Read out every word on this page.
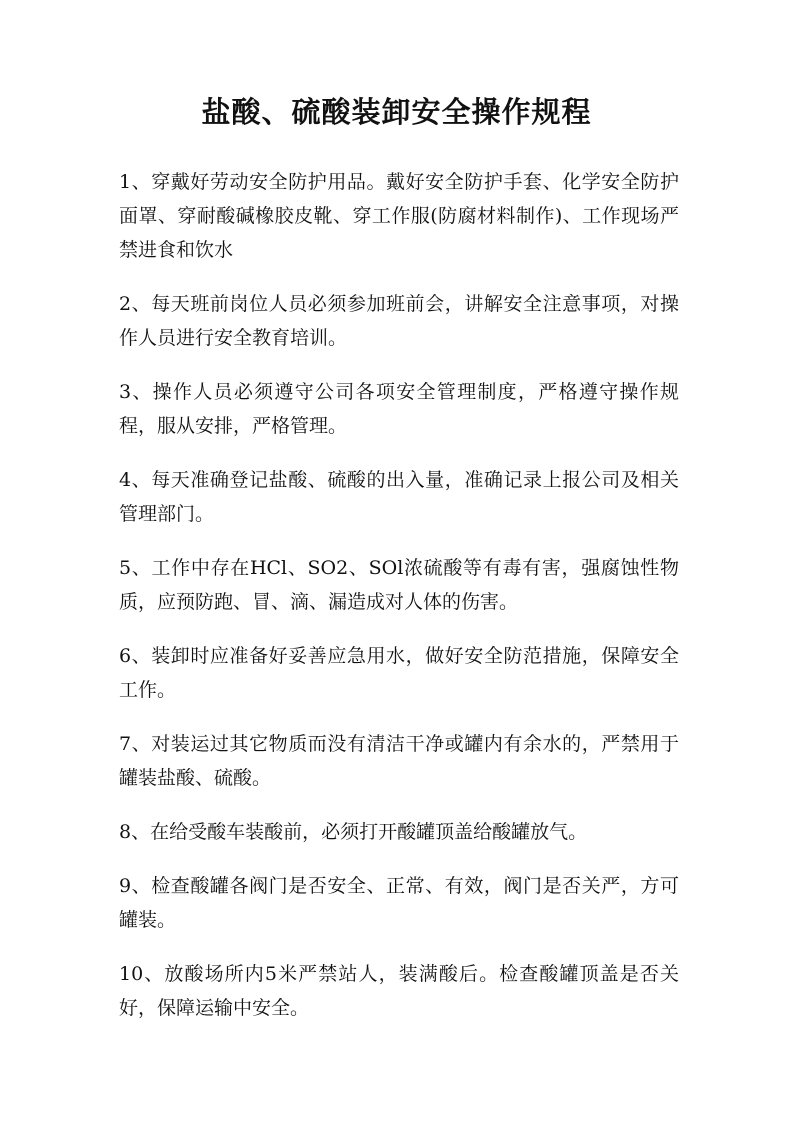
盐酸、硫酸装卸安全操作规程
1、穿戴好劳动安全防护用品。戴好安全防护手套、化学安全防护面罩、穿耐酸碱橡胶皮靴、穿工作服(防腐材料制作)、工作现场严禁进食和饮水
2、每天班前岗位人员必须参加班前会，讲解安全注意事项，对操作人员进行安全教育培训。
3、操作人员必须遵守公司各项安全管理制度，严格遵守操作规程，服从安排，严格管理。
4、每天准确登记盐酸、硫酸的出入量，准确记录上报公司及相关管理部门。
5、工作中存在HCl、SO2、SOl浓硫酸等有毒有害，强腐蚀性物质，应预防跑、冒、滴、漏造成对人体的伤害。
6、装卸时应准备好妥善应急用水，做好安全防范措施，保障安全工作。
7、对装运过其它物质而没有清洁干净或罐内有余水的，严禁用于罐装盐酸、硫酸。
8、在给受酸车装酸前，必须打开酸罐顶盖给酸罐放气。
9、检查酸罐各阀门是否安全、正常、有效，阀门是否关严，方可罐装。
10、放酸场所内5米严禁站人，装满酸后。检查酸罐顶盖是否关好，保障运输中安全。
